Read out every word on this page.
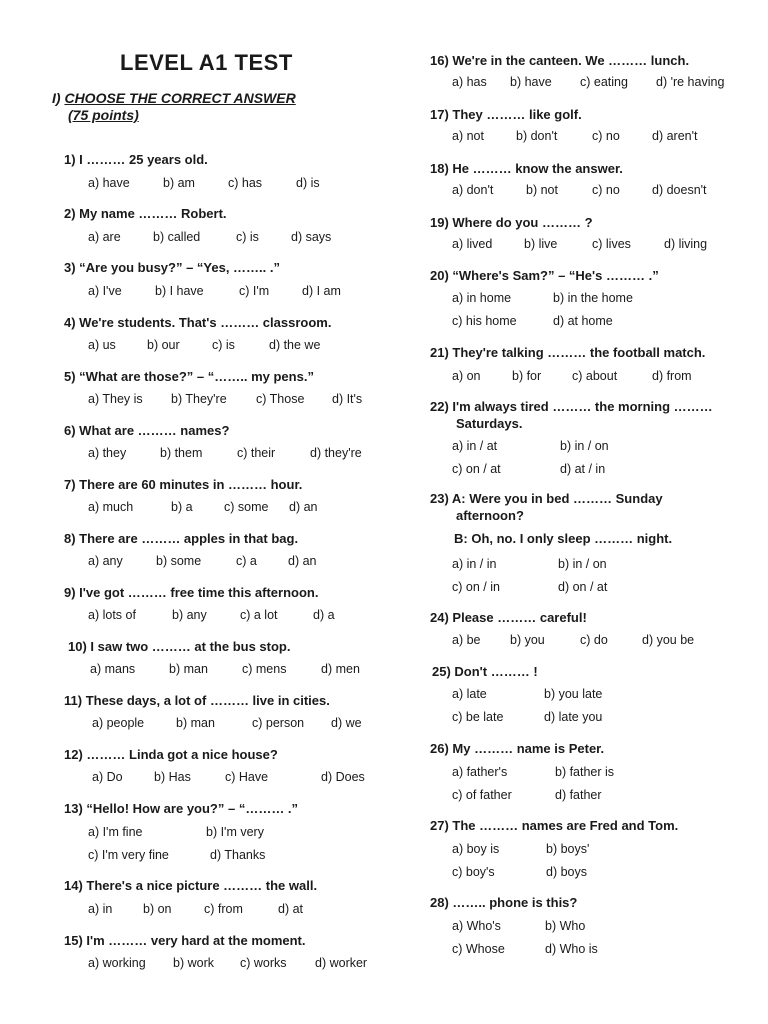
LEVEL A1 TEST
I) CHOOSE THE CORRECT ANSWER
(75 points)
1) I ……… 25 years old.
a) have	b) am	c) has	d) is
2) My name ……… Robert.
a) are	b) called	c) is	d) says
3) “Are you busy?” – “Yes, …….. .”
a) I've	b) I have	c) I'm	d) I am
4) We're students. That's ……… classroom.
a) us b) our	c) is	d) the we
5) “What are those?” – “…….. my pens.”
a) They is b) They're c) Those d) It's
6) What are ……… names?
a) they	b) them	c) their	d) they're
7) There are 60 minutes in ……… hour.
a) much	b) a	c) some d) an
8) There are ……… apples in that bag.
a) any	b) some	c) a d) an
9) I've got ……… free time this afternoon.
a) lots of	b) any	c) a lot	d) a
10) I saw two ……… at the bus stop.
a) mans	b) man	c) mens	d) men
11) These days, a lot of ……… live in cities.
a) people	b) man	c) person d) we
12) ……… Linda got a nice house?
a) Do	b) Has	c) Have	d) Does
13) “Hello! How are you?” – “……… .”
a) I'm fine	b) I'm very
c) I'm very fine	d) Thanks
14) There's a nice picture ……… the wall.
a) in b) on	c) from	d) at
15) I'm ……… very hard at the moment.
a) working b) work c) works d) worker
16) We're in the canteen. We ……… lunch.
a) has b) have c) eating d) 're having
17) They ……… like golf.
a) not	b) don't	c) no	d) aren't
18) He ……… know the answer.
a) don't	b) not	c) no	d) doesn't
19) Where do you ……… ?
a) lived	b) live	c) lives	d) living
20) “Where's Sam?” – “He's ……… .”
a) in home	b) in the home
c) his home	d) at home
21) They're talking ……… the football match.
a) on	b) for c) about	d) from
22) I'm always tired ……… the morning ………
Saturdays.
a) in / at	b) in / on
c) on / at	d) at / in
23) A: Were you in bed ……… Sunday
afternoon?
B: Oh, no. I only sleep ……… night.
a) in / in	b) in / on
c) on / in	d) on / at
24) Please ……… careful!
a) be b) you	c) do	d) you be
25) Don't ……… !
a) late	b) you late
c) be late	d) late you
26) My ……… name is Peter.
a) father's	b) father is
c) of father	d) father
27) The ……… names are Fred and Tom.
a) boy is	b) boys'
c) boy's	d) boys
28) …….. phone is this?
a) Who's	b) Who
c) Whose	d) Who is
